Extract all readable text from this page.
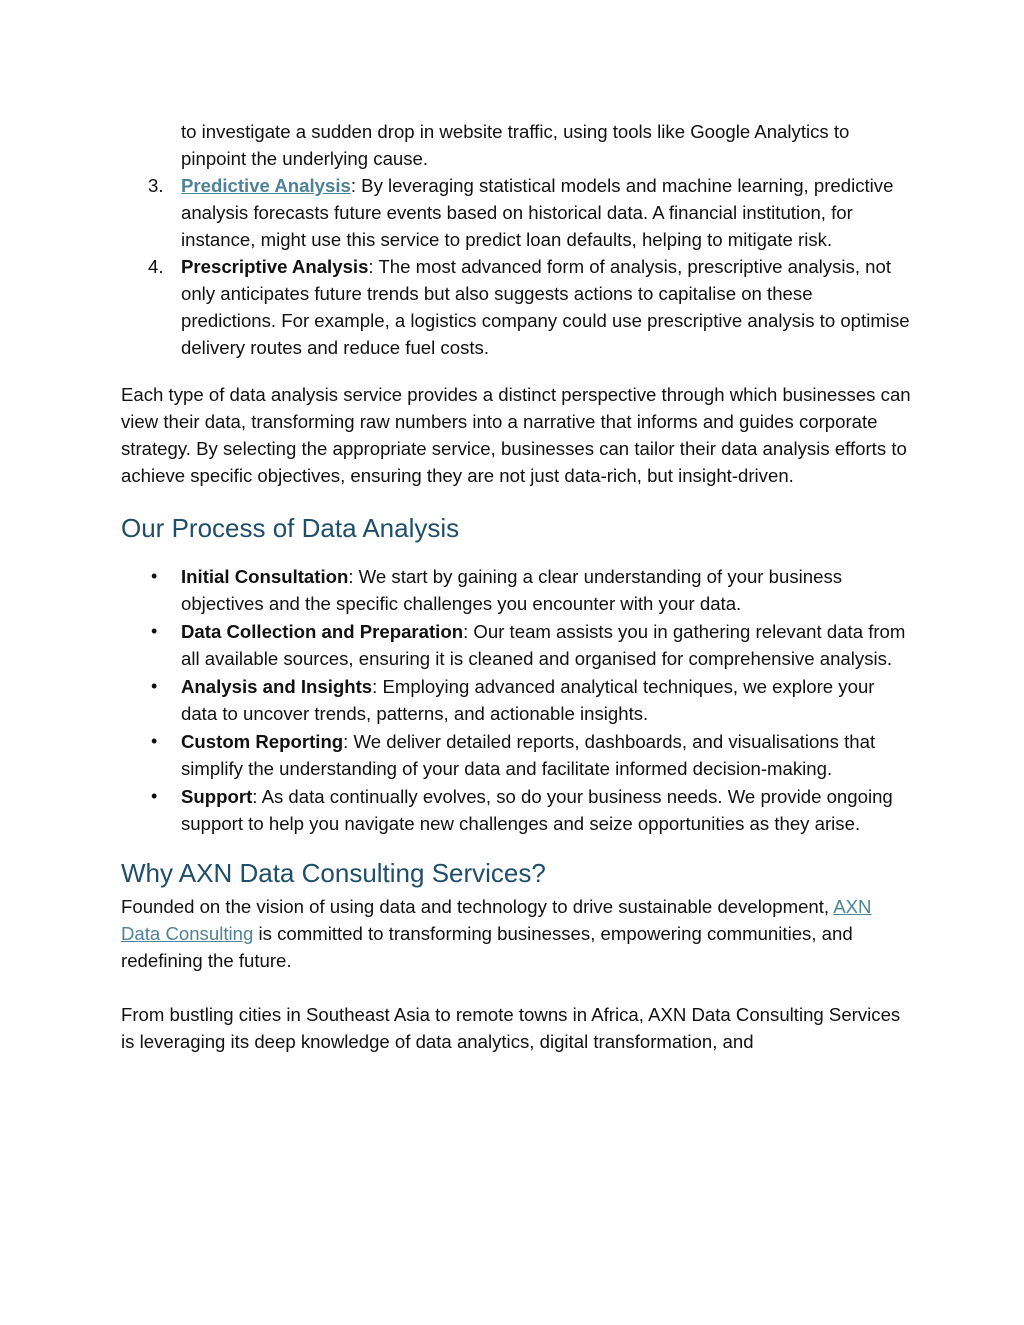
to investigate a sudden drop in website traffic, using tools like Google Analytics to pinpoint the underlying cause.
3. Predictive Analysis: By leveraging statistical models and machine learning, predictive analysis forecasts future events based on historical data. A financial institution, for instance, might use this service to predict loan defaults, helping to mitigate risk.
4. Prescriptive Analysis: The most advanced form of analysis, prescriptive analysis, not only anticipates future trends but also suggests actions to capitalise on these predictions. For example, a logistics company could use prescriptive analysis to optimise delivery routes and reduce fuel costs.

Each type of data analysis service provides a distinct perspective through which businesses can view their data, transforming raw numbers into a narrative that informs and guides corporate strategy. By selecting the appropriate service, businesses can tailor their data analysis efforts to achieve specific objectives, ensuring they are not just data-rich, but insight-driven.

Our Process of Data Analysis
• Initial Consultation: We start by gaining a clear understanding of your business objectives and the specific challenges you encounter with your data.
• Data Collection and Preparation: Our team assists you in gathering relevant data from all available sources, ensuring it is cleaned and organised for comprehensive analysis.
• Analysis and Insights: Employing advanced analytical techniques, we explore your data to uncover trends, patterns, and actionable insights.
• Custom Reporting: We deliver detailed reports, dashboards, and visualisations that simplify the understanding of your data and facilitate informed decision-making.
• Support: As data continually evolves, so do your business needs. We provide ongoing support to help you navigate new challenges and seize opportunities as they arise.
Why AXN Data Consulting Services?

Founded on the vision of using data and technology to drive sustainable development, AXN Data Consulting is committed to transforming businesses, empowering communities, and redefining the future.

From bustling cities in Southeast Asia to remote towns in Africa, AXN Data Consulting Services is leveraging its deep knowledge of data analytics, digital transformation, and
